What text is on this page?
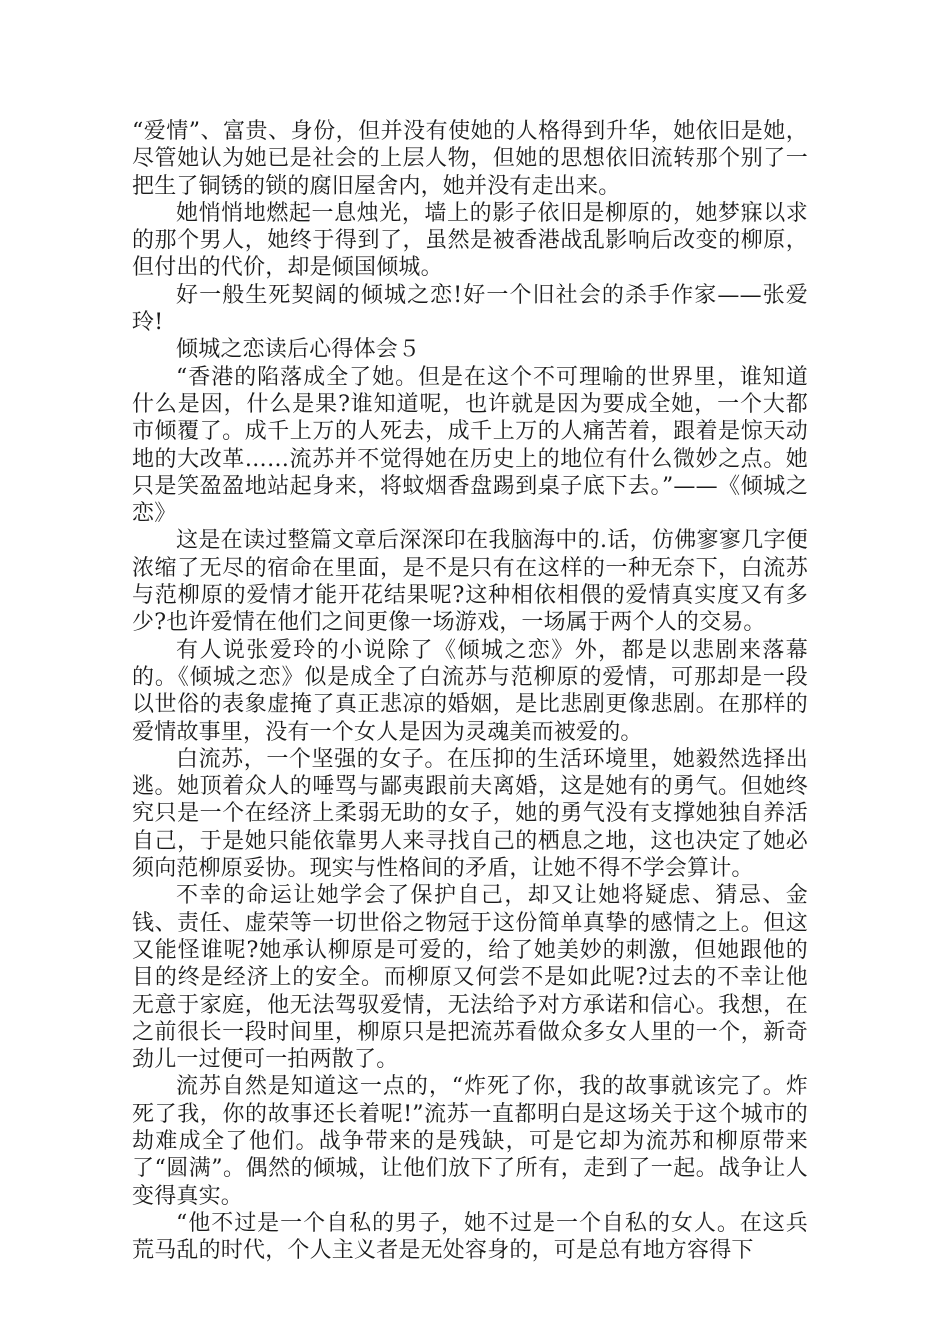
“爱情”、富贵、身份，但并没有使她的人格得到升华，她依旧是她，尽管她认为她已是社会的上层人物，但她的思想依旧流转那个别了一把生了铜锈的锁的腐旧屋舍内，她并没有走出来。

她悄悄地燃起一息烛光，墙上的影子依旧是柳原的，她梦寐以求的那个男人，她终于得到了，虽然是被香港战乱影响后改变的柳原，但付出的代价，却是倾国倾城。

好一般生死契阔的倾城之恋!好一个旧社会的杀手作家——张爱玲!

倾城之恋读后心得体会５

“香港的陷落成全了她。但是在这个不可理喻的世界里，谁知道什么是因，什么是果?谁知道呢，也许就是因为要成全她，一个大都市倾覆了。成千上万的人死去，成千上万的人痛苦着，跟着是惊天动地的大改革……流苏并不觉得她在历史上的地位有什么微妙之点。她只是笑盈盈地站起身来，将蚊烟香盘踢到桌子底下去。”——《倾城之恋》

这是在读过整篇文章后深深印在我脑海中的.话，仿佛寥寥几字便浓缩了无尽的宿命在里面，是不是只有在这样的一种无奈下，白流苏与范柳原的爱情才能开花结果呢?这种相依相偎的爱情真实度又有多少?也许爱情在他们之间更像一场游戏，一场属于两个人的交易。

有人说张爱玲的小说除了《倾城之恋》外，都是以悲剧来落幕的。《倾城之恋》似是成全了白流苏与范柳原的爱情，可那却是一段以世俗的表象虚掩了真正悲凉的婚姻，是比悲剧更像悲剧。在那样的爱情故事里，没有一个女人是因为灵魂美而被爱的。

白流苏，一个坚强的女子。在压抑的生活环境里，她毅然选择出逃。她顶着众人的唾骂与鄙夷跟前夫离婚，这是她有的勇气。但她终究只是一个在经济上柔弱无助的女子，她的勇气没有支撑她独自养活自己，于是她只能依靠男人来寻找自己的栖息之地，这也决定了她必须向范柳原妥协。现实与性格间的矛盾，让她不得不学会算计。

不幸的命运让她学会了保护自己，却又让她将疑虑、猜忌、金钱、责任、虚荣等一切世俗之物冠于这份简单真挚的感情之上。但这又能怪谁呢?她承认柳原是可爱的，给了她美妙的刺激，但她跟他的目的终是经济上的安全。而柳原又何尝不是如此呢?过去的不幸让他无意于家庭，他无法驾驭爱情，无法给予对方承诺和信心。我想，在之前很长一段时间里，柳原只是把流苏看做众多女人里的一个，新奇劲儿一过便可一拍两散了。

流苏自然是知道这一点的，“炸死了你，我的故事就该完了。炸死了我，你的故事还长着呢!”流苏一直都明白是这场关于这个城市的劫难成全了他们。战争带来的是残缺，可是它却为流苏和柳原带来了“圆满”。偶然的倾城，让他们放下了所有，走到了一起。战争让人变得真实。

“他不过是一个自私的男子，她不过是一个自私的女人。在这兵荒马乱的时代，个人主义者是无处容身的，可是总有地方容得下
